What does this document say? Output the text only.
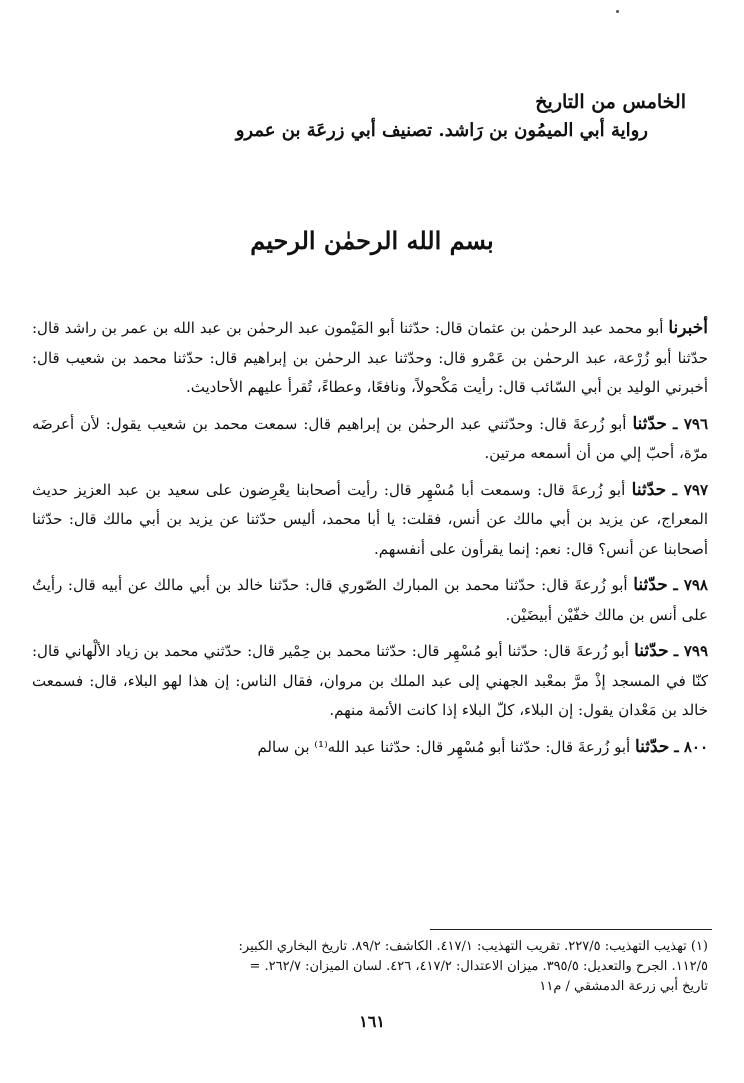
الخامس من التاريخ
رواية أبي الميمُون بن رَاشد. تصنيف أبي زرعَة بن عمرو
بسم الله الرحمٰن الرحيم

أخبرنا أبو محمد عبد الرحمٰن بن عثمان قال: حدّثنا أبو المَيْمون عبد الرحمٰن بن عبد الله بن عمر بن راشد قال: حدّثنا أبو زُرْعة، عبد الرحمٰن بن عَمْرو قال: وحدّثنا عبد الرحمٰن بن إبراهيم قال: حدّثنا محمد بن شعيب قال: أخبرني الوليد بن أبي السّائب قال: رأيت مَكْحولاً، ونافعًا، وعطاءً، تُقرأ عليهم الأحاديث.

٧٩٦ ـ حدّثنا أبو زُرعةَ قال: وحدّثني عبد الرحمٰن بن إبراهيم قال: سمعت محمد بن شعيب يقول: لأن أعرضَه مرّة، أحبّ إلي من أن أسمعه مرتين.

٧٩٧ ـ حدّثنا أبو زُرعةَ قال: وسمعت أبا مُسْهِر قال: رأيت أصحابنا يعْرِضون على سعيد بن عبد العزيز حديث المعراج، عن يزيد بن أبي مالك عن أنس، فقلت: يا أبا محمد، أليس حدّثنا عن يزيد بن أبي مالك قال: حدّثنا أصحابنا عن أنس؟ قال: نعم: إنما يقرأون على أنفسهم.

٧٩٨ ـ حدّثنا أبو زُرعةَ قال: حدّثنا محمد بن المبارك الصّوري قال: حدّثنا خالد بن أبي مالك عن أبيه قال: رأيتُ على أنس بن مالك خفّيْن أبيضَيْن.

٧٩٩ ـ حدّثنا أبو زُرعةَ قال: حدّثنا أبو مُسْهِر قال: حدّثنا محمد بن حِمْير قال: حدّثني محمد بن زياد الألْهاني قال: كنّا في المسجد إذْ مرَّ بمعْبد الجهني إلى عبد الملك بن مروان، فقال الناس: إن هذا لهو البلاء، قال: فسمعت خالد بن مَعْدان يقول: إن البلاء، كلّ البلاء إذا كانت الأئمة منهم.

٨٠٠ ـ حدّثنا أبو زُرعةَ قال: حدّثنا أبو مُسْهِر قال: حدّثنا عبد الله⁽¹⁾ بن سالم

(١) تهذيب التهذيب: ٢٢٧/٥. تقريب التهذيب: ٤١٧/١. الكاشف: ٨٩/٢. تاريخ البخاري الكبير:
١١٢/٥. الجرح والتعديل: ٣٩٥/٥. ميزان الاعتدال: ٤١٧/٢، ٤٢٦. لسان الميزان: ٢٦٢/٧. =
تاريخ أبي زرعة الدمشقي / م١١
١٦١
